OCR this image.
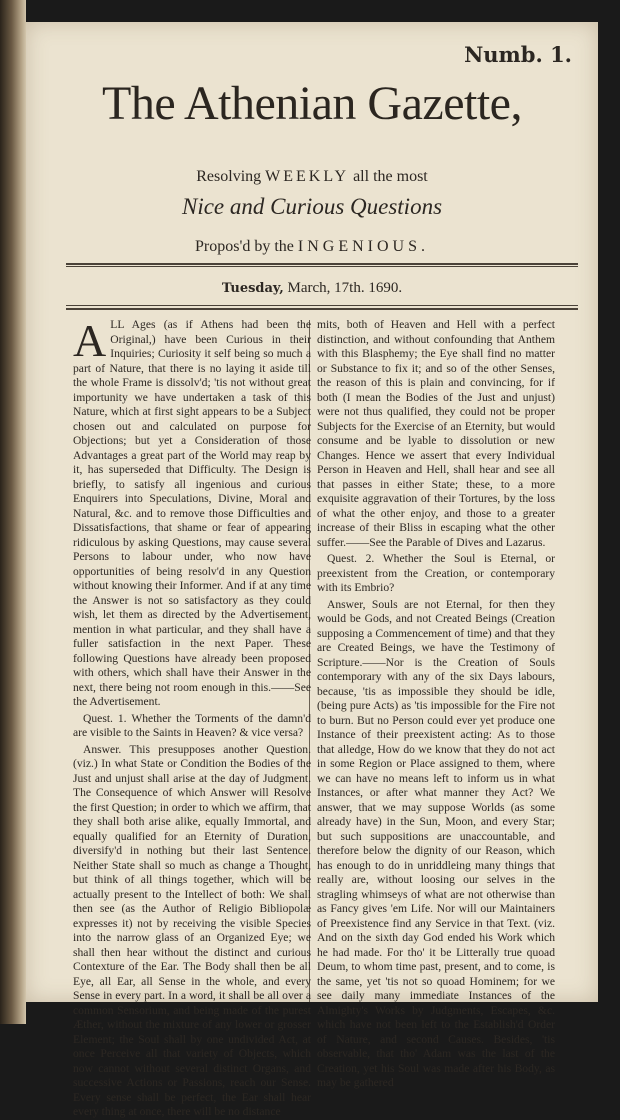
Numb. 1.
The Athenian Gazette,
Resolving WEEKLY all the most
Nice and Curious Questions
Propos'd by the INGENIOUS.
Tuesday, March, 17th. 1690.

ALL Ages (as if Athens had been the Original,) have been Curious in their Inquiries; Curiosity it self being so much a part of Nature, that there is no laying it aside till the whole Frame is dissolv'd; 'tis not without great importunity we have undertaken a task of this Nature, which at first sight appears to be a Subject chosen out and calculated on purpose for Objections; but yet a Consideration of those Advantages a great part of the World may reap by it, has superseded that Difficulty. The Design is briefly, to satisfy all ingenious and curious Enquirers into Speculations, Divine, Moral and Natural, &c. and to remove those Difficulties and Dissatisfactions, that shame or fear of appearing ridiculous by asking Questions, may cause several Persons to labour under, who now have opportunities of being resolv'd in any Question without knowing their Informer. And if at any time the Answer is not so satisfactory as they could wish, let them as directed by the Advertisement, mention in what particular, and they shall have a fuller satisfaction in the next Paper. These following Questions have already been proposed with others, which shall have their Answer in the next, there being not room enough in this.——See the Advertisement.

Quest. 1. Whether the Torments of the damn'd are visible to the Saints in Heaven? & vice versa?

Answer. This presupposes another Question. (viz.) In what State or Condition the Bodies of the Just and unjust shall arise at the day of Judgment. The Consequence of which Answer will Resolve the first Question; in order to which we affirm, that they shall both arise alike, equally Immortal, and equally qualified for an Eternity of Duration, diversify'd in nothing but their last Sentence. Neither State shall so much as change a Thought, but think of all things together, which will be actually present to the Intellect of both: We shall then see (as the Author of Religio Bibliopolæ expresses it) not by receiving the visible Species into the narrow glass of an Organized Eye; we shall then hear without the distinct and curious Contexture of the Ear. The Body shall then be all Eye, all Ear, all Sense in the whole, and every Sense in every part. In a word, it shall be all over a common Sensorium, and being made of the purest Æther, without the mixture of any lower or grosser Element; the Soul shall by one undivided Act, at once Perceive all that variety of Objects, which now cannot without several distinct Organs, and successive Actions or Passions, reach our Sense. Every sense shall be perfect, the Ear shall hear every thing at once, there will be no distance

mits, both of Heaven and Hell with a perfect distinction, and without confounding that Anthem with this Blasphemy; the Eye shall find no matter or Substance to fix it; and so of the other Senses, the reason of this is plain and convincing, for if both (I mean the Bodies of the Just and unjust) were not thus qualified, they could not be proper Subjects for the Exercise of an Eternity, but would consume and be lyable to dissolution or new Changes. Hence we assert that every Individual Person in Heaven and Hell, shall hear and see all that passes in either State; these, to a more exquisite aggravation of their Tortures, by the loss of what the other enjoy, and those to a greater increase of their Bliss in escaping what the other suffer.——See the Parable of Dives and Lazarus.

Quest. 2. Whether the Soul is Eternal, or preexistent from the Creation, or contemporary with its Embrio?

Answer, Souls are not Eternal, for then they would be Gods, and not Created Beings (Creation supposing a Commencement of time) and that they are Created Beings, we have the Testimony of Scripture.——Nor is the Creation of Souls contemporary with any of the six Days labours, because, 'tis as impossible they should be idle, (being pure Acts) as 'tis impossible for the Fire not to burn. But no Person could ever yet produce one Instance of their preexistent acting: As to those that alledge, How do we know that they do not act in some Region or Place assigned to them, where we can have no means left to inform us in what Instances, or after what manner they Act? We answer, that we may suppose Worlds (as some already have) in the Sun, Moon, and every Star; but such suppositions are unaccountable, and therefore below the dignity of our Reason, which has enough to do in unriddleing many things that really are, without loosing our selves in the stragling whimseys of what are not otherwise than as Fancy gives 'em Life. Nor will our Maintainers of Preexistence find any Service in that Text. (viz. And on the sixth day God ended his Work which he had made. For tho' it be Litterally true quoad Deum, to whom time past, present, and to come, is the same, yet 'tis not so quoad Hominem; for we see daily many immediate Instances of the Almighty's Works by Judgments, Escapes, &c. which have not been left to the Establish'd Order of Nature, and second Causes. Besides, 'tis observable, that tho' Adam was the last of the Creation, yet his Soul was made after his Body, as may be gathered
